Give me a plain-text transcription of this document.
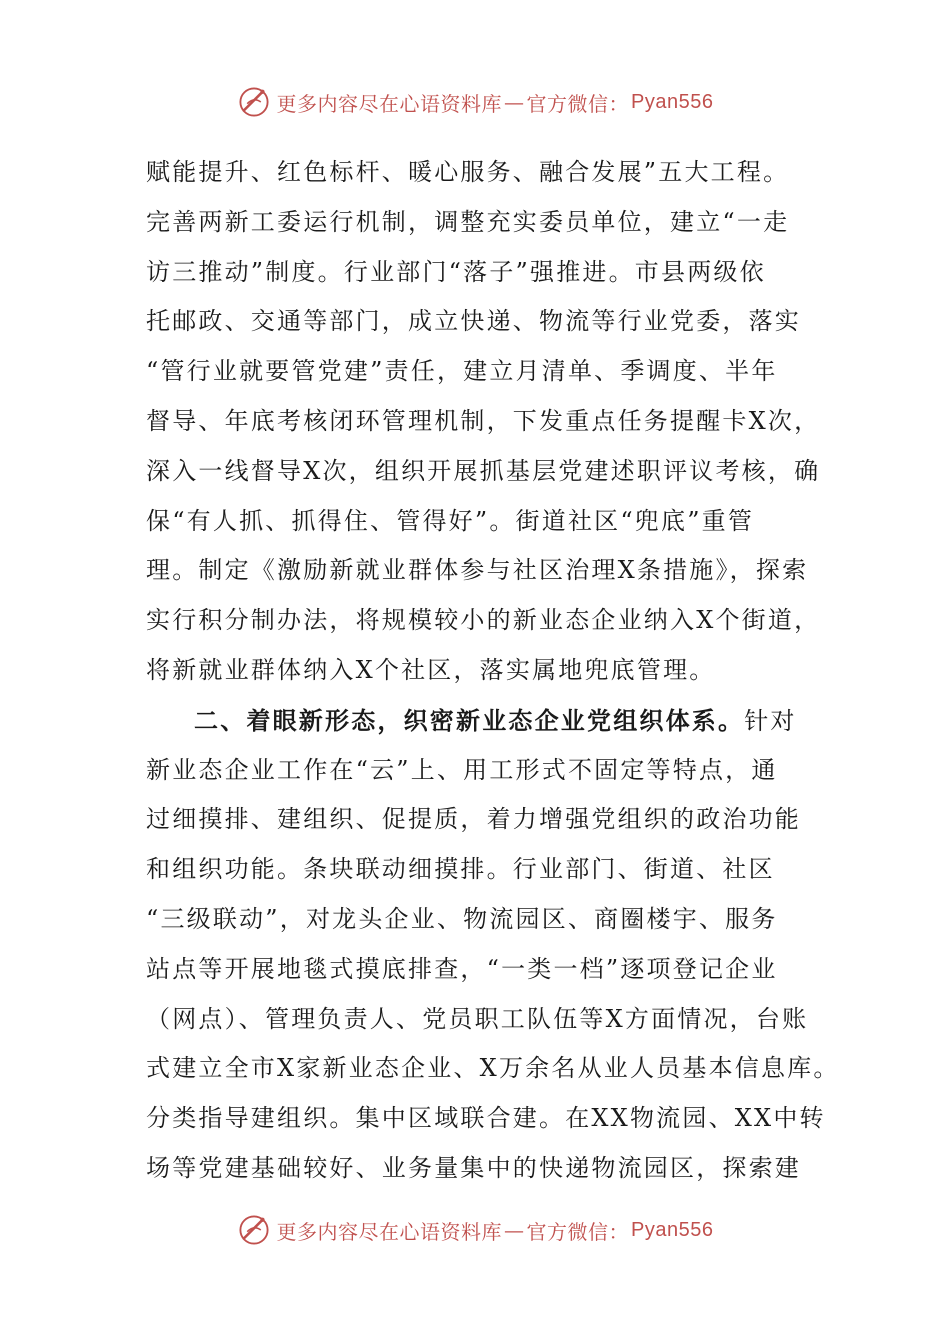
更多内容尽在心语资料库 — 官方微信： Pyan556
赋能提升、红色标杆、暖心服务、融合发展”五大工程。
完善两新工委运行机制，调整充实委员单位，建立“一走
访三推动”制度。行业部门“落子”强推进。市县两级依
托邮政、交通等部门，成立快递、物流等行业党委，落实
“管行业就要管党建”责任，建立月清单、季调度、半年
督导、年底考核闭环管理机制，下发重点任务提醒卡X次，
深入一线督导X次，组织开展抓基层党建述职评议考核，确
保“有人抓、抓得住、管得好”。街道社区“兜底”重管
理。制定《激励新就业群体参与社区治理X条措施》，探索
实行积分制办法，将规模较小的新业态企业纳入X个街道，
将新就业群体纳入X个社区，落实属地兜底管理。
二、着眼新形态，织密新业态企业党组织体系。针对
新业态企业工作在“云”上、用工形式不固定等特点，通
过细摸排、建组织、促提质，着力增强党组织的政治功能
和组织功能。条块联动细摸排。行业部门、街道、社区
“三级联动”，对龙头企业、物流园区、商圈楼宇、服务
站点等开展地毯式摸底排查，“一类一档”逐项登记企业
（网点）、管理负责人、党员职工队伍等X方面情况，台账
式建立全市X家新业态企业、X万余名从业人员基本信息库。
分类指导建组织。集中区域联合建。在XX物流园、XX中转
场等党建基础较好、业务量集中的快递物流园区，探索建
更多内容尽在心语资料库 — 官方微信： Pyan556
